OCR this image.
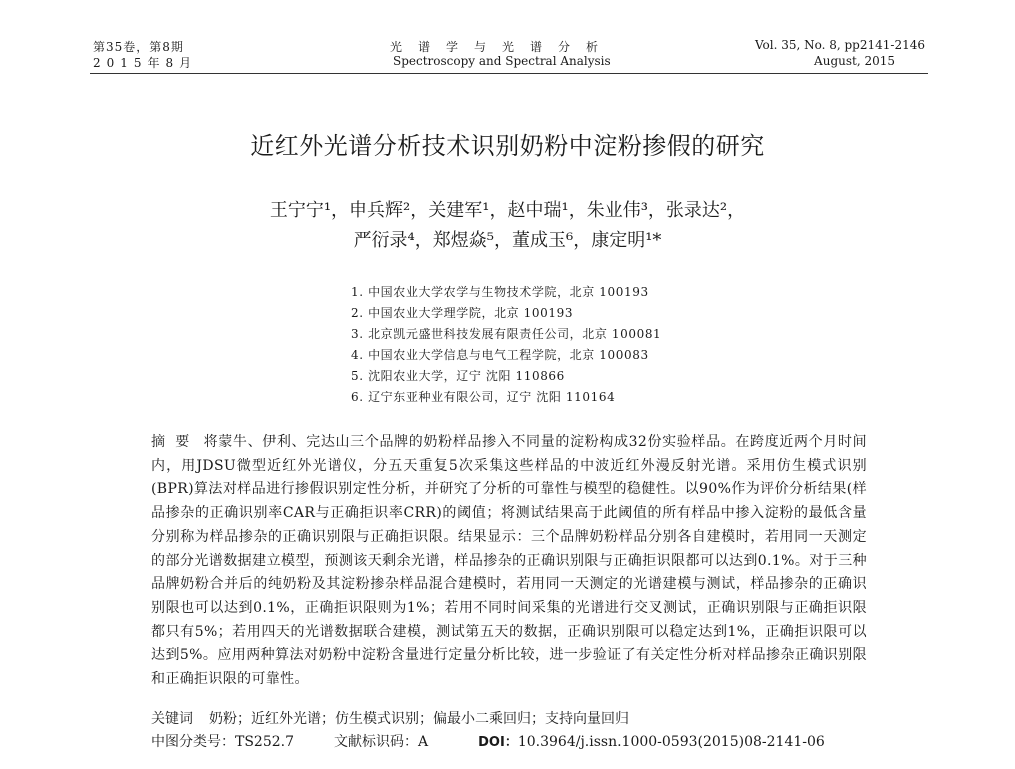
第35卷，第8期
2015年8月
光谱学与光谱分析
Spectroscopy and Spectral Analysis
Vol. 35, No. 8, pp2141-2146
August, 2015
近红外光谱分析技术识别奶粉中淀粉掺假的研究
王宁宁¹，申兵辉²，关建军¹，赵中瑞¹，朱业伟³，张录达²，
严衍录⁴，郑煜焱⁵，董成玉⁶，康定明¹*
1. 中国农业大学农学与生物技术学院，北京 100193
2. 中国农业大学理学院，北京 100193
3. 北京凯元盛世科技发展有限责任公司，北京 100081
4. 中国农业大学信息与电气工程学院，北京 100083
5. 沈阳农业大学，辽宁 沈阳 110866
6. 辽宁东亚种业有限公司，辽宁 沈阳 110164
摘要 将蒙牛、伊利、完达山三个品牌的奶粉样品掺入不同量的淀粉构成32份实验样品。在跨度近两个月时间内，用JDSU微型近红外光谱仪，分五天重复5次采集这些样品的中波近红外漫反射光谱。采用仿生模式识别(BPR)算法对样品进行掺假识别定性分析，并研究了分析的可靠性与模型的稳健性。以90%作为评价分析结果(样品掺杂的正确识别率CAR与正确拒识率CRR)的阈值；将测试结果高于此阈值的所有样品中掺入淀粉的最低含量分别称为样品掺杂的正确识别限与正确拒识限。结果显示：三个品牌奶粉样品分别各自建模时，若用同一天测定的部分光谱数据建立模型，预测该天剩余光谱，样品掺杂的正确识别限与正确拒识限都可以达到0.1%。对于三种品牌奶粉合并后的纯奶粉及其淀粉掺杂样品混合建模时，若用同一天测定的光谱建模与测试，样品掺杂的正确识别限也可以达到0.1%，正确拒识限则为1%；若用不同时间采集的光谱进行交叉测试，正确识别限与正确拒识限都只有5%；若用四天的光谱数据联合建模，测试第五天的数据，正确识别限可以稳定达到1%，正确拒识限可以达到5%。应用两种算法对奶粉中淀粉含量进行定量分析比较，进一步验证了有关定性分析对样品掺杂正确识别限和正确拒识限的可靠性。
关键词 奶粉；近红外光谱；仿生模式识别；偏最小二乘回归；支持向量回归
中图分类号：TS252.7	文献标识码：A	DOI：10.3964/j.issn.1000-0593(2015)08-2141-06
